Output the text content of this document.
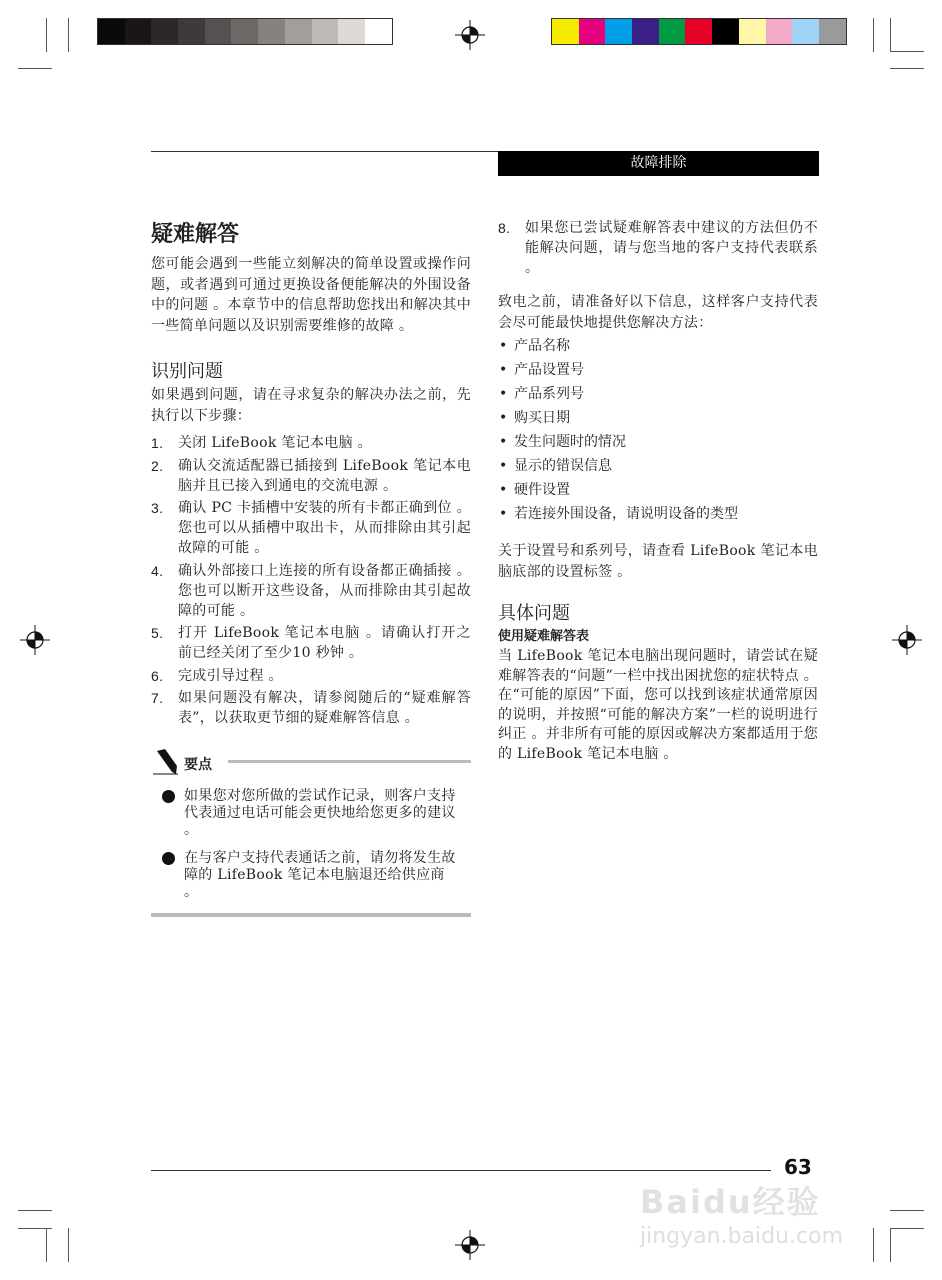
故障排除
疑难解答
您可能会遇到一些能立刻解决的简单设置或操作问题，或者遇到可通过更换设备便能解决的外围设备中的问题 。本章节中的信息帮助您找出和解决其中一些简单问题以及识别需要维修的故障 。
识别问题
如果遇到问题，请在寻求复杂的解决办法之前，先执行以下步骤：
1. 关闭 LifeBook 笔记本电脑 。
2. 确认交流适配器已插接到 LifeBook 笔记本电脑并且已接入到通电的交流电源 。
3. 确认 PC 卡插槽中安装的所有卡都正确到位 。您也可以从插槽中取出卡，从而排除由其引起故障的可能 。
4. 确认外部接口上连接的所有设备都正确插接 。您也可以断开这些设备，从而排除由其引起故障的可能 。
5. 打开 LifeBook 笔记本电脑 。请确认打开之前已经关闭了至少10 秒钟 。
6. 完成引导过程 。
7. 如果问题没有解决，请参阅随后的“疑难解答表”，以获取更节细的疑难解答信息 。
要点
如果您对您所做的尝试作记录，则客户支持代表通过电话可能会更快地给您更多的建议 。
在与客户支持代表通话之前，请勿将发生故障的 LifeBook 笔记本电脑退还给供应商 。
8. 如果您已尝试疑难解答表中建议的方法但仍不能解决问题，请与您当地的客户支持代表联系 。
致电之前，请准备好以下信息，这样客户支持代表会尽可能最快地提供您解决方法：
• 产品名称
• 产品设置号
• 产品系列号
• 购买日期
• 发生问题时的情况
• 显示的错误信息
• 硬件设置
• 若连接外围设备，请说明设备的类型
关于设置号和系列号，请查看 LifeBook 笔记本电脑底部的设置标签 。
具体问题
使用疑难解答表
当 LifeBook 笔记本电脑出现问题时，请尝试在疑难解答表的“问题”一栏中找出困扰您的症状特点 。在“可能的原因”下面，您可以找到该症状通常原因的说明，并按照“可能的解决方案”一栏的说明进行纠正 。并非所有可能的原因或解决方案都适用于您的 LifeBook 笔记本电脑 。
63
Baidu经验
jingyan.baidu.com
